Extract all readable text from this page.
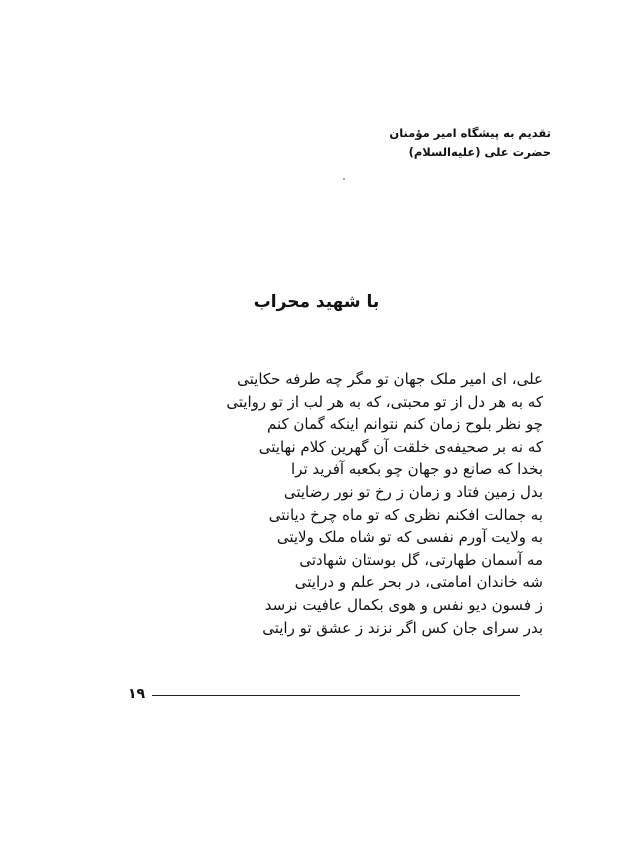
تقدیم به پیشگاه امیر مؤمنان
حضرت علی (علیه‌السلام)
با شهید محراب
علی، ای امیر ملک جهان تو مگر چه طرفه حکایتی
که به هر دل از تو محبتی، که به هر لب از تو روایتی
چو نظر بلوح زمان کنم نتوانم اینکه گمان کنم
که نه بر صحیفه‌ی خلقت آن گهرین کلام نهایتی
بخدا که صانع دو جهان چو بکعبه آفرید ترا
بدل زمین فتاد و زمان ز رخ تو نور رضایتی
به جمالت افکنم نظری که تو ماه چرخ دیانتی
به ولایت آورم نفسی که تو شاه ملک ولایتی
مه آسمان طهارتی، گل بوستان شهادتی
شه خاندان امامتی، در بحر علم و درایتی
ز فسون دیو نفس و هوی بکمال عافیت نرسد
بدر سرای جان کس اگر نزند ز عشق تو رایتی
۱۹
